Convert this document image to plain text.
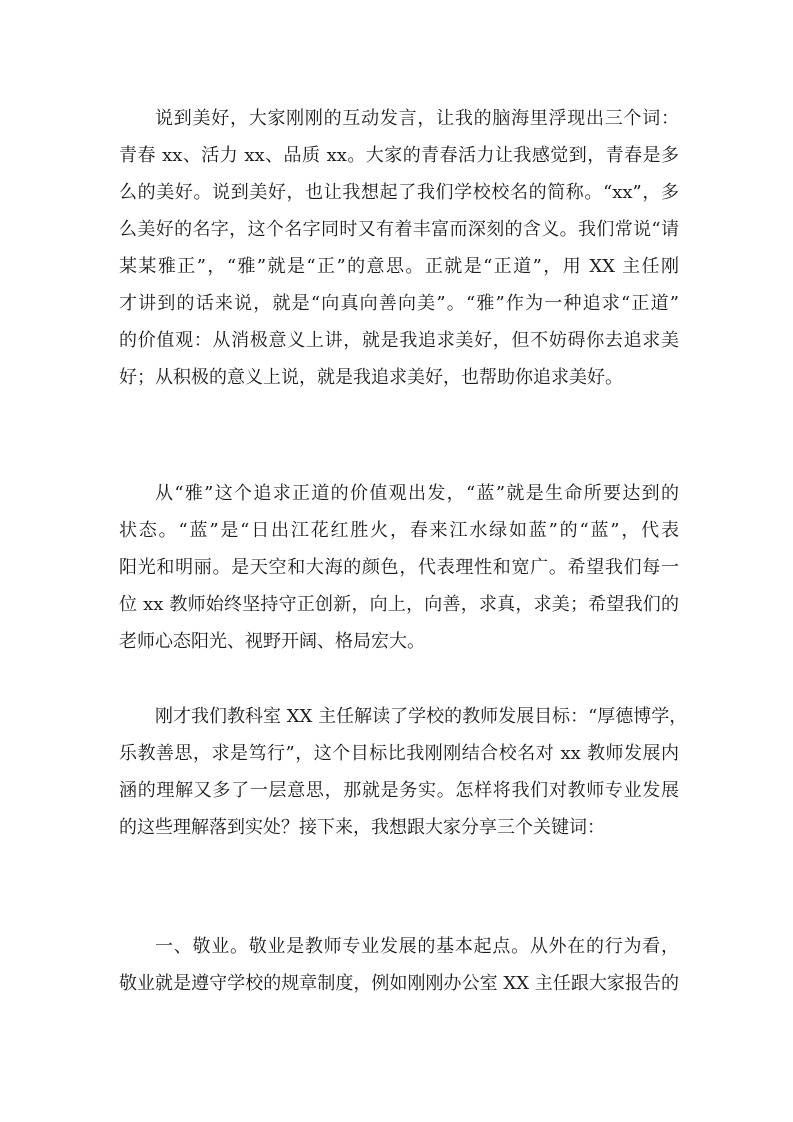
说到美好，大家刚刚的互动发言，让我的脑海里浮现出三个词：
青春 xx、活力 xx、品质 xx。大家的青春活力让我感觉到，青春是多
么的美好。说到美好，也让我想起了我们学校校名的简称。“xx”，多
么美好的名字，这个名字同时又有着丰富而深刻的含义。我们常说“请
某某雅正”，“雅”就是“正”的意思。正就是“正道”，用 XX 主任刚
才讲到的话来说，就是“向真向善向美”。“雅”作为一种追求“正道”
的价值观：从消极意义上讲，就是我追求美好，但不妨碍你去追求美
好；从积极的意义上说，就是我追求美好，也帮助你追求美好。
从“雅”这个追求正道的价值观出发，“蓝”就是生命所要达到的
状态。“蓝”是“日出江花红胜火，春来江水绿如蓝”的“蓝”，代表
阳光和明丽。是天空和大海的颜色，代表理性和宽广。希望我们每一
位 xx 教师始终坚持守正创新，向上，向善，求真，求美；希望我们的
老师心态阳光、视野开阔、格局宏大。
刚才我们教科室 XX 主任解读了学校的教师发展目标：“厚德博学，
乐教善思，求是笃行”，这个目标比我刚刚结合校名对 xx 教师发展内
涵的理解又多了一层意思，那就是务实。怎样将我们对教师专业发展
的这些理解落到实处？接下来，我想跟大家分享三个关键词：
一、敬业。敬业是教师专业发展的基本起点。从外在的行为看，
敬业就是遵守学校的规章制度，例如刚刚办公室 XX 主任跟大家报告的
